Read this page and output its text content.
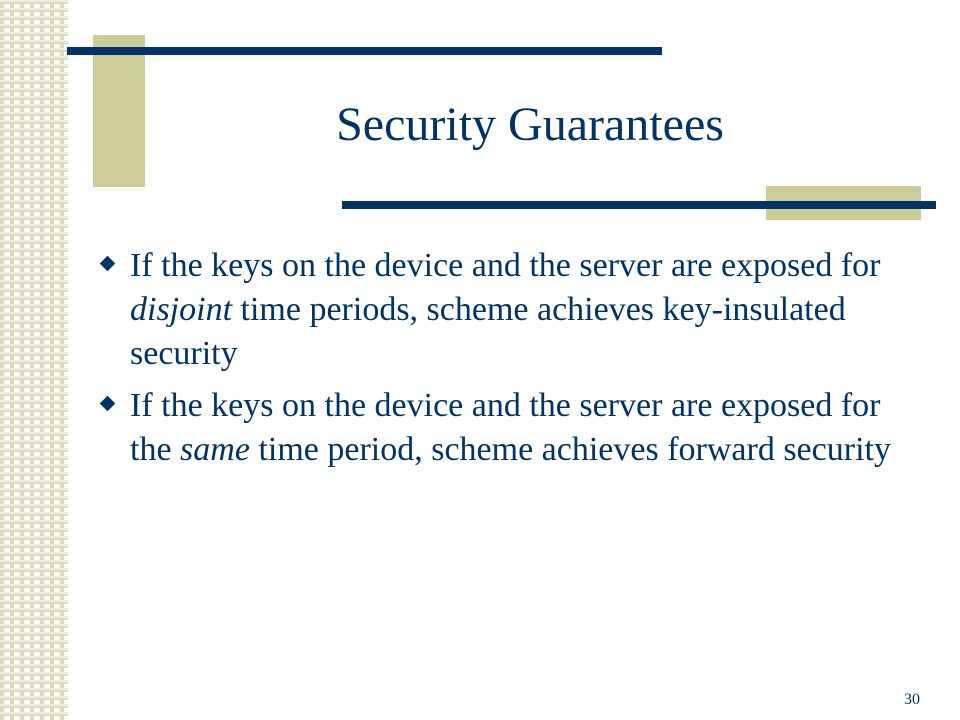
Security Guarantees
If the keys on the device and the server are exposed for disjoint time periods, scheme achieves key-insulated security
If the keys on the device and the server are exposed for the same time period, scheme achieves forward security
30
